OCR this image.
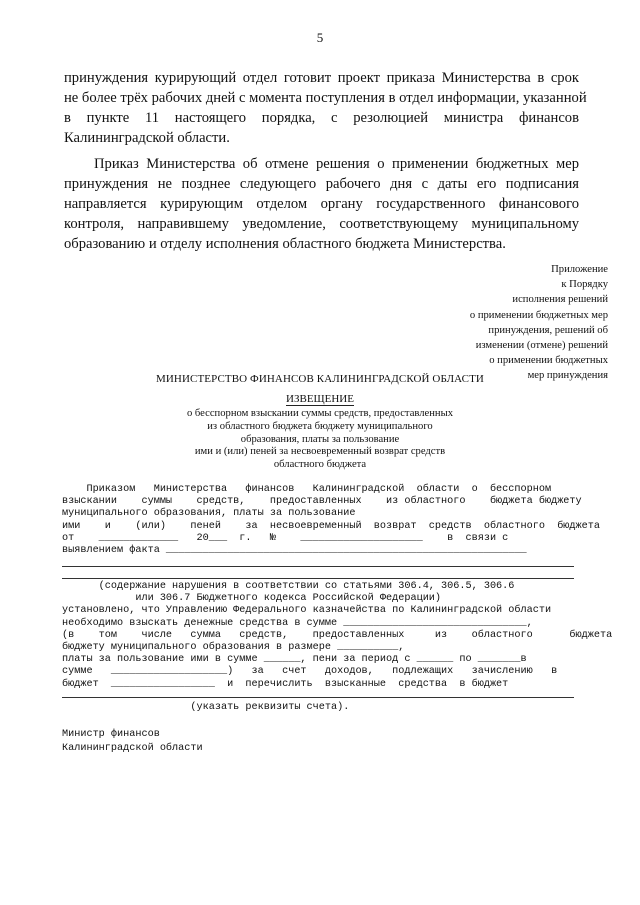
5

принуждения курирующий отдел готовит проект приказа Министерства в срок
не более трёх рабочих дней с момента поступления в отдел информации, указанной
в пункте 11 настоящего порядка, с резолюцией министра финансов
Калининградской области.

Приказ Министерства об отмене решения о применении бюджетных мер
принуждения не позднее следующего рабочего дня с даты его подписания
направляется курирующим отделом органу государственного финансового
контроля, направившему уведомление, соответствующему муниципальному
образованию и отделу исполнения областного бюджета Министерства.

Приложение
к Порядку
исполнения решений
о применении бюджетных мер
принуждения, решений об
изменении (отмене) решений
о применении бюджетных
мер принуждения
МИНИСТЕРСТВО ФИНАНСОВ КАЛИНИНГРАДСКОЙ ОБЛАСТИ
ИЗВЕЩЕНИЕ
о бесспорном взыскании суммы средств, предоставленных
из областного бюджета бюджету муниципального
образования, платы за пользование
ими и (или) пеней за несвоевременный возврат средств
областного бюджета
Приказом   Министерства   финансов   Калининградской  области  о  бесспорном
взыскании    суммы    средств,    предоставленных    из областного    бюджета бюджету
муниципального образования, платы за пользование
ими    и    (или)    пеней    за  несвоевременный  возврат  средств  областного  бюджета
от    _____________   20___  г.   №    ____________________    в  связи с
выявлением факта ___________________________________________________________
(содержание нарушения в соответствии со статьями 306.4, 306.5, 306.6
или 306.7 Бюджетного кодекса Российской Федерации)
установлено, что Управлению Федерального казначейства по Калининградской области
необходимо взыскать денежные средства в сумме ______________________________,
(в    том    числе   сумма   средств,    предоставленных     из    областного      бюджета
бюджету муниципального образования в размере __________,
платы за пользование ими в сумме ______, пени за период с ______ по _______в
сумме   ___________________)   за   счет   доходов,   подлежащих   зачислению   в
бюджет  _________________  и  перечислить  взысканные  средства  в бюджет
(указать реквизиты счета).
Министр финансов
Калининградской области
